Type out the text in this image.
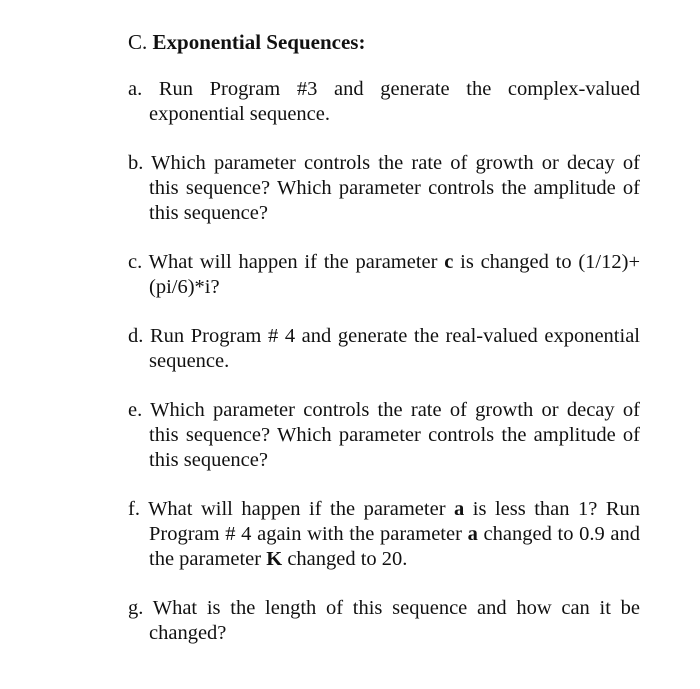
C. Exponential Sequences:

a. Run Program #3 and generate the complex-valued exponential sequence.

b. Which parameter controls the rate of growth or decay of this sequence? Which parameter controls the amplitude of this sequence?

c. What will happen if the parameter c is changed to (1/12)+ (pi/6)*i?

d. Run Program # 4 and generate the real-valued exponential sequence.

e. Which parameter controls the rate of growth or decay of this sequence? Which parameter controls the amplitude of this sequence?

f. What will happen if the parameter a is less than 1? Run Program # 4 again with the parameter a changed to 0.9 and the parameter K changed to 20.

g. What is the length of this sequence and how can it be changed?
